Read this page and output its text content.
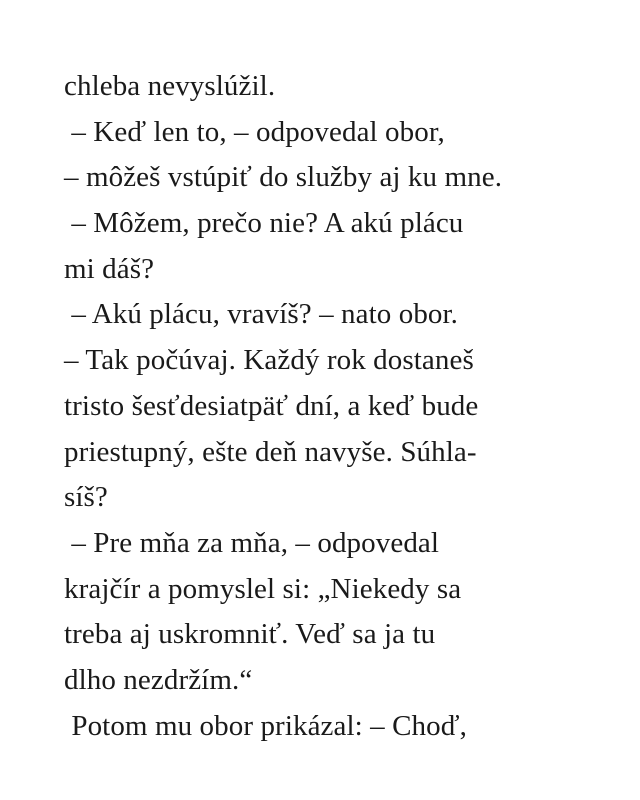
chleba nevyslúžil.
– Keď len to, – odpovedal obor,
– môžeš vstúpiť do služby aj ku mne.
– Môžem, prečo nie? A akú plácu
mi dáš?
– Akú plácu, vravíš? – nato obor.
– Tak počúvaj. Každý rok dostaneš
tristo šesťdesiatpäť dní, a keď bude
priestupný, ešte deň navyše. Súhla-
síš?
– Pre mňa za mňa, – odpovedal
krajčír a pomyslel si: „Niekedy sa
treba aj uskromniť. Veď sa ja tu
dlho nezdržím.“
Potom mu obor prikázal: – Choď,
